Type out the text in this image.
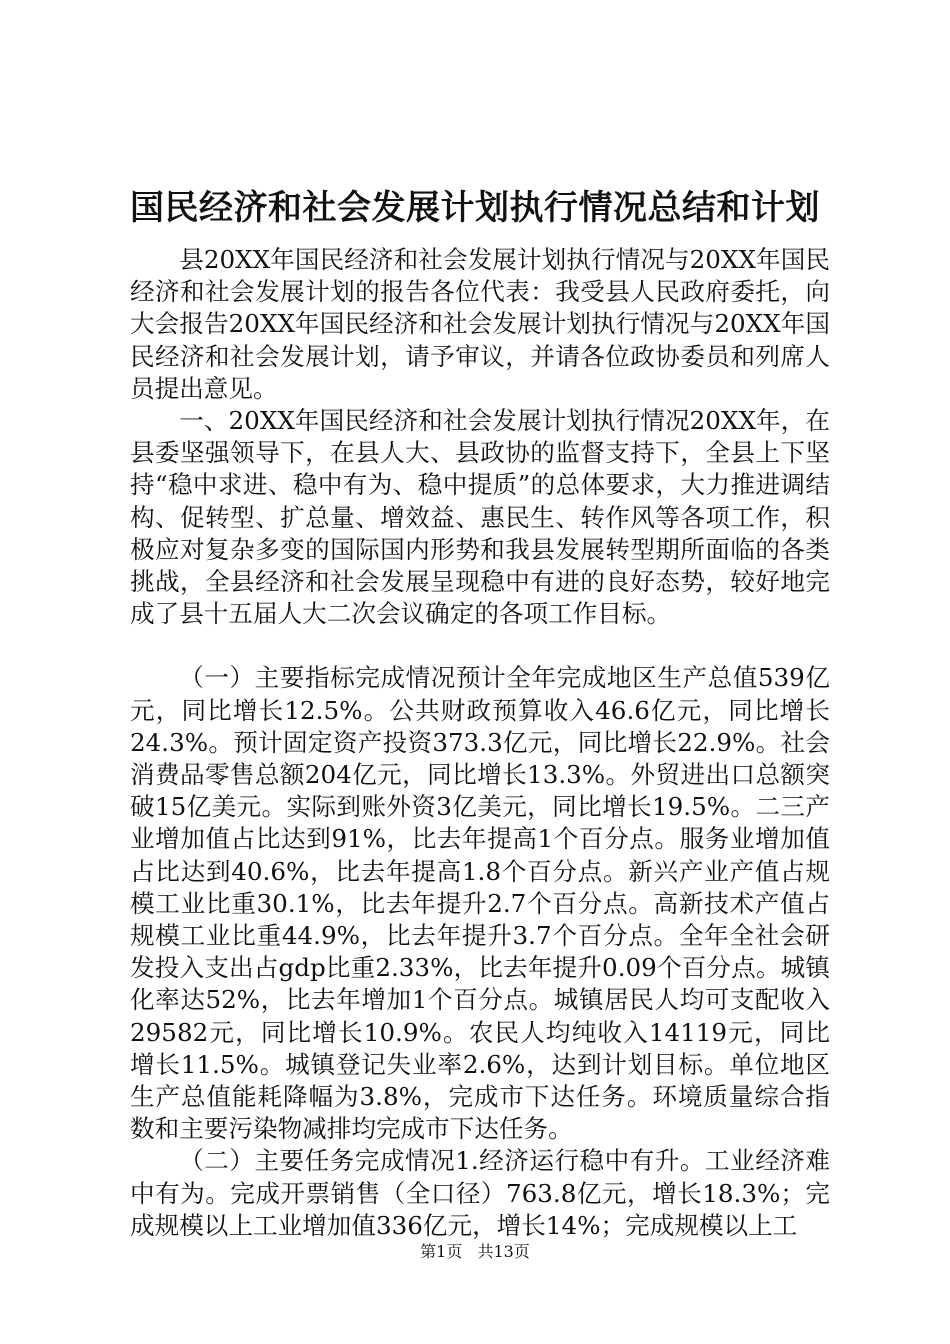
国民经济和社会发展计划执行情况总结和计划

县20XX年国民经济和社会发展计划执行情况与20XX年国民经济和社会发展计划的报告各位代表：我受县人民政府委托，向大会报告20XX年国民经济和社会发展计划执行情况与20XX年国民经济和社会发展计划，请予审议，并请各位政协委员和列席人员提出意见。

一、20XX年国民经济和社会发展计划执行情况20XX年，在县委坚强领导下，在县人大、县政协的监督支持下，全县上下坚持“稳中求进、稳中有为、稳中提质”的总体要求，大力推进调结构、促转型、扩总量、增效益、惠民生、转作风等各项工作，积极应对复杂多变的国际国内形势和我县发展转型期所面临的各类挑战，全县经济和社会发展呈现稳中有进的良好态势，较好地完成了县十五届人大二次会议确定的各项工作目标。

（一）主要指标完成情况预计全年完成地区生产总值539亿元，同比增长12.5%。公共财政预算收入46.6亿元，同比增长24.3%。预计固定资产投资373.3亿元，同比增长22.9%。社会消费品零售总额204亿元，同比增长13.3%。外贸进出口总额突破15亿美元。实际到账外资3亿美元，同比增长19.5%。二三产业增加值占比达到91%，比去年提高1个百分点。服务业增加值占比达到40.6%，比去年提高1.8个百分点。新兴产业产值占规模工业比重30.1%，比去年提升2.7个百分点。高新技术产值占规模工业比重44.9%，比去年提升3.7个百分点。全年全社会研发投入支出占gdp比重2.33%，比去年提升0.09个百分点。城镇化率达52%，比去年增加1个百分点。城镇居民人均可支配收入29582元，同比增长10.9%。农民人均纯收入14119元，同比增长11.5%。城镇登记失业率2.6%，达到计划目标。单位地区生产总值能耗降幅为3.8%，完成市下达任务。环境质量综合指数和主要污染物减排均完成市下达任务。

（二）主要任务完成情况1.经济运行稳中有升。工业经济难中有为。完成开票销售（全口径）763.8亿元，增长18.3%；完成规模以上工业增加值336亿元，增长14%；完成规模以上工

第1页 共13页
